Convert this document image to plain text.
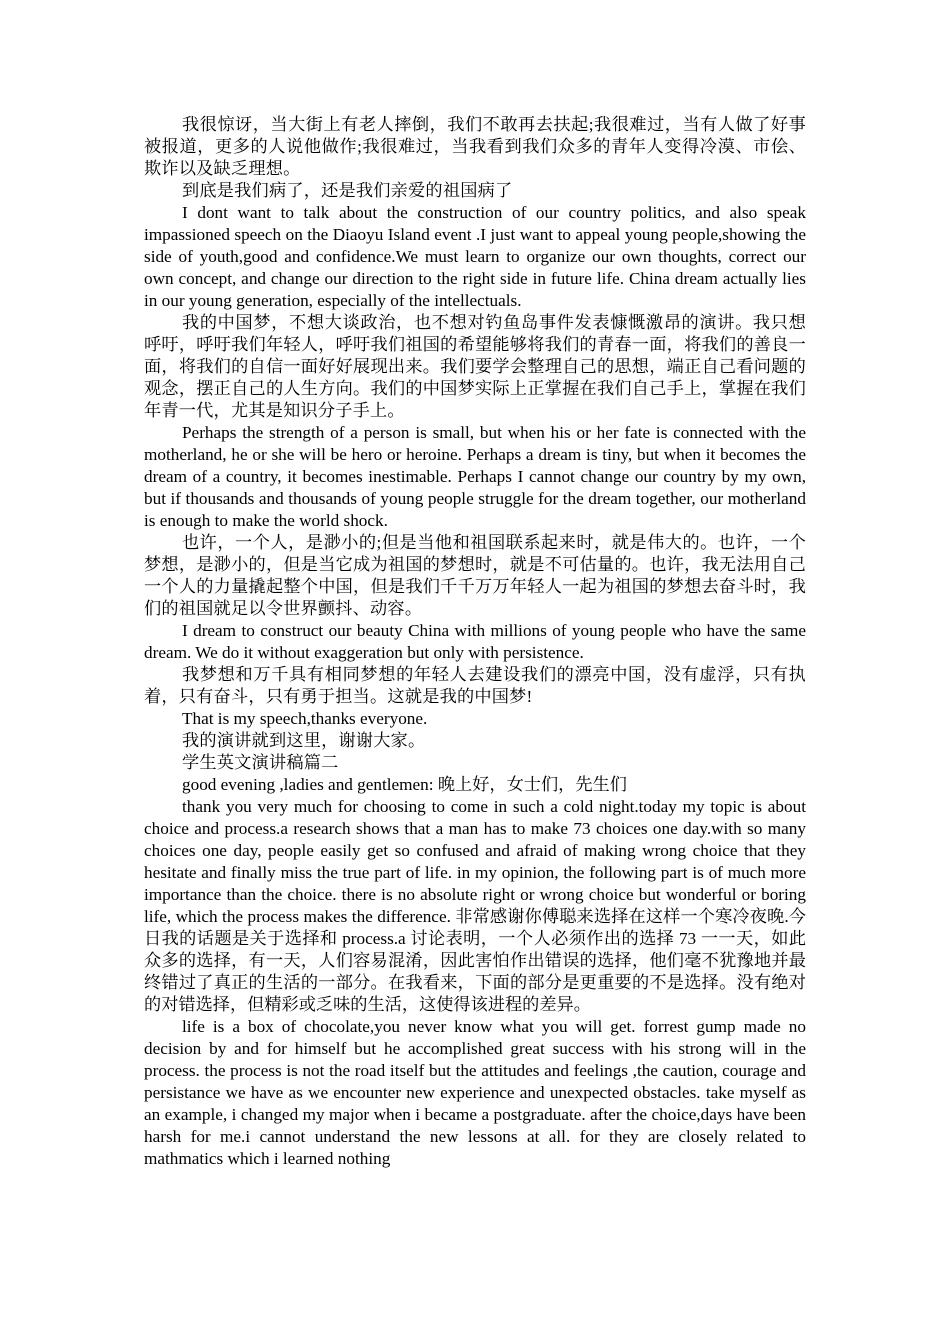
我很惊讶，当大街上有老人摔倒，我们不敢再去扶起;我很难过，当有人做了好事被报道，更多的人说他做作;我很难过，当我看到我们众多的青年人变得冷漠、市侩、欺诈以及缺乏理想。

到底是我们病了，还是我们亲爱的祖国病了

I dont want to talk about the construction of our country politics, and also speak impassioned speech on the Diaoyu Island event .I just want to appeal young people,showing the side of youth,good and confidence.We must learn to organize our own thoughts, correct our own concept, and change our direction to the right side in future life. China dream actually lies in our young generation, especially of the intellectuals.

我的中国梦，不想大谈政治，也不想对钓鱼岛事件发表慷慨激昂的演讲。我只想呼吁，呼吁我们年轻人，呼吁我们祖国的希望能够将我们的青春一面，将我们的善良一面，将我们的自信一面好好展现出来。我们要学会整理自己的思想，端正自己看问题的观念，摆正自己的人生方向。我们的中国梦实际上正掌握在我们自己手上，掌握在我们年青一代，尤其是知识分子手上。

Perhaps the strength of a person is small, but when his or her fate is connected with the motherland, he or she will be hero or heroine. Perhaps a dream is tiny, but when it becomes the dream of a country, it becomes inestimable. Perhaps I cannot change our country by my own, but if thousands and thousands of young people struggle for the dream together, our motherland is enough to make the world shock.

也许，一个人，是渺小的;但是当他和祖国联系起来时，就是伟大的。也许，一个梦想，是渺小的，但是当它成为祖国的梦想时，就是不可估量的。也许，我无法用自己一个人的力量撬起整个中国，但是我们千千万万年轻人一起为祖国的梦想去奋斗时，我们的祖国就足以令世界颤抖、动容。

I dream to construct our beauty China with millions of young people who have the same dream. We do it without exaggeration but only with persistence.

我梦想和万千具有相同梦想的年轻人去建设我们的漂亮中国，没有虚浮，只有执着，只有奋斗，只有勇于担当。这就是我的中国梦!

That is my speech,thanks everyone.

我的演讲就到这里，谢谢大家。

学生英文演讲稿篇二

good evening ,ladies and gentlemen: 晚上好，女士们，先生们

thank you very much for choosing to come in such a cold night.today my topic is about choice and process.a research shows that a man has to make 73 choices one day.with so many choices one day, people easily get so confused and afraid of making wrong choice that they hesitate and finally miss the true part of life. in my opinion, the following part is of much more importance than the choice. there is no absolute right or wrong choice but wonderful or boring life, which the process makes the difference. 非常感谢你傅聪来选择在这样一个寒冷夜晚.今日我的话题是关于选择和 process.a 讨论表明，一个人必须作出的选择 73 一一天，如此众多的选择，有一天，人们容易混淆，因此害怕作出错误的选择，他们毫不犹豫地并最终错过了真正的生活的一部分。在我看来，下面的部分是更重要的不是选择。没有绝对的对错选择，但精彩或乏味的生活，这使得该进程的差异。

life is a box of chocolate,you never know what you will get. forrest gump made no decision by and for himself but he accomplished great success with his strong will in the process. the process is not the road itself but the attitudes and feelings ,the caution, courage and persistance we have as we encounter new experience and unexpected obstacles. take myself as an example, i changed my major when i became a postgraduate. after the choice,days have been harsh for me.i cannot understand the new lessons at all. for they are closely related to mathmatics which i learned nothing
